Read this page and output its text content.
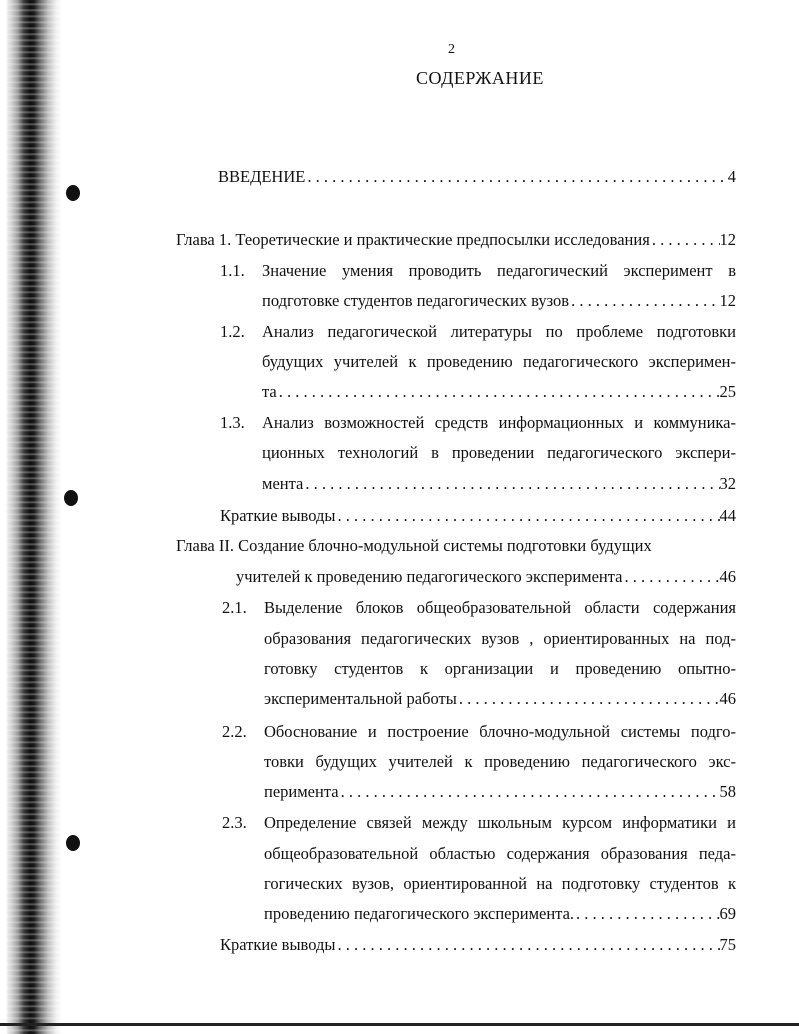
2
СОДЕРЖАНИЕ
ВВЕДЕНИЕ . . .	4
Глава 1. Теоретические и практические предпосылки исследования . . .	12
1.1.	Значение умения проводить педагогический эксперимент в
подготовке студентов педагогических вузов . . .	12
1.2.	Анализ педагогической литературы по проблеме подготовки
будущих учителей к проведению педагогического эксперимен-
та . . .	25
1.3.	Анализ возможностей средств информационных и коммуника-
ционных технологий в проведении педагогического экспери-
мента . . .	32
Краткие выводы . . .	44
Глава II. Создание блочно-модульной системы подготовки будущих
учителей к проведению педагогического эксперимента . . .	46
2.1.	Выделение блоков общеобразовательной области содержания
образования педагогических вузов , ориентированных на под-
готовку студентов к организации и проведению опытно-
экспериментальной работы . . .	46
2.2.	Обоснование и построение блочно-модульной системы подго-
товки будущих учителей к проведению педагогического экс-
перимента . . .	58
2.3.	Определение связей между школьным курсом информатики и
общеобразовательной областью содержания образования педа-
гогических вузов, ориентированной на подготовку студентов к
проведению педагогического эксперимента. . . .	69
Краткие выводы . . .	75
